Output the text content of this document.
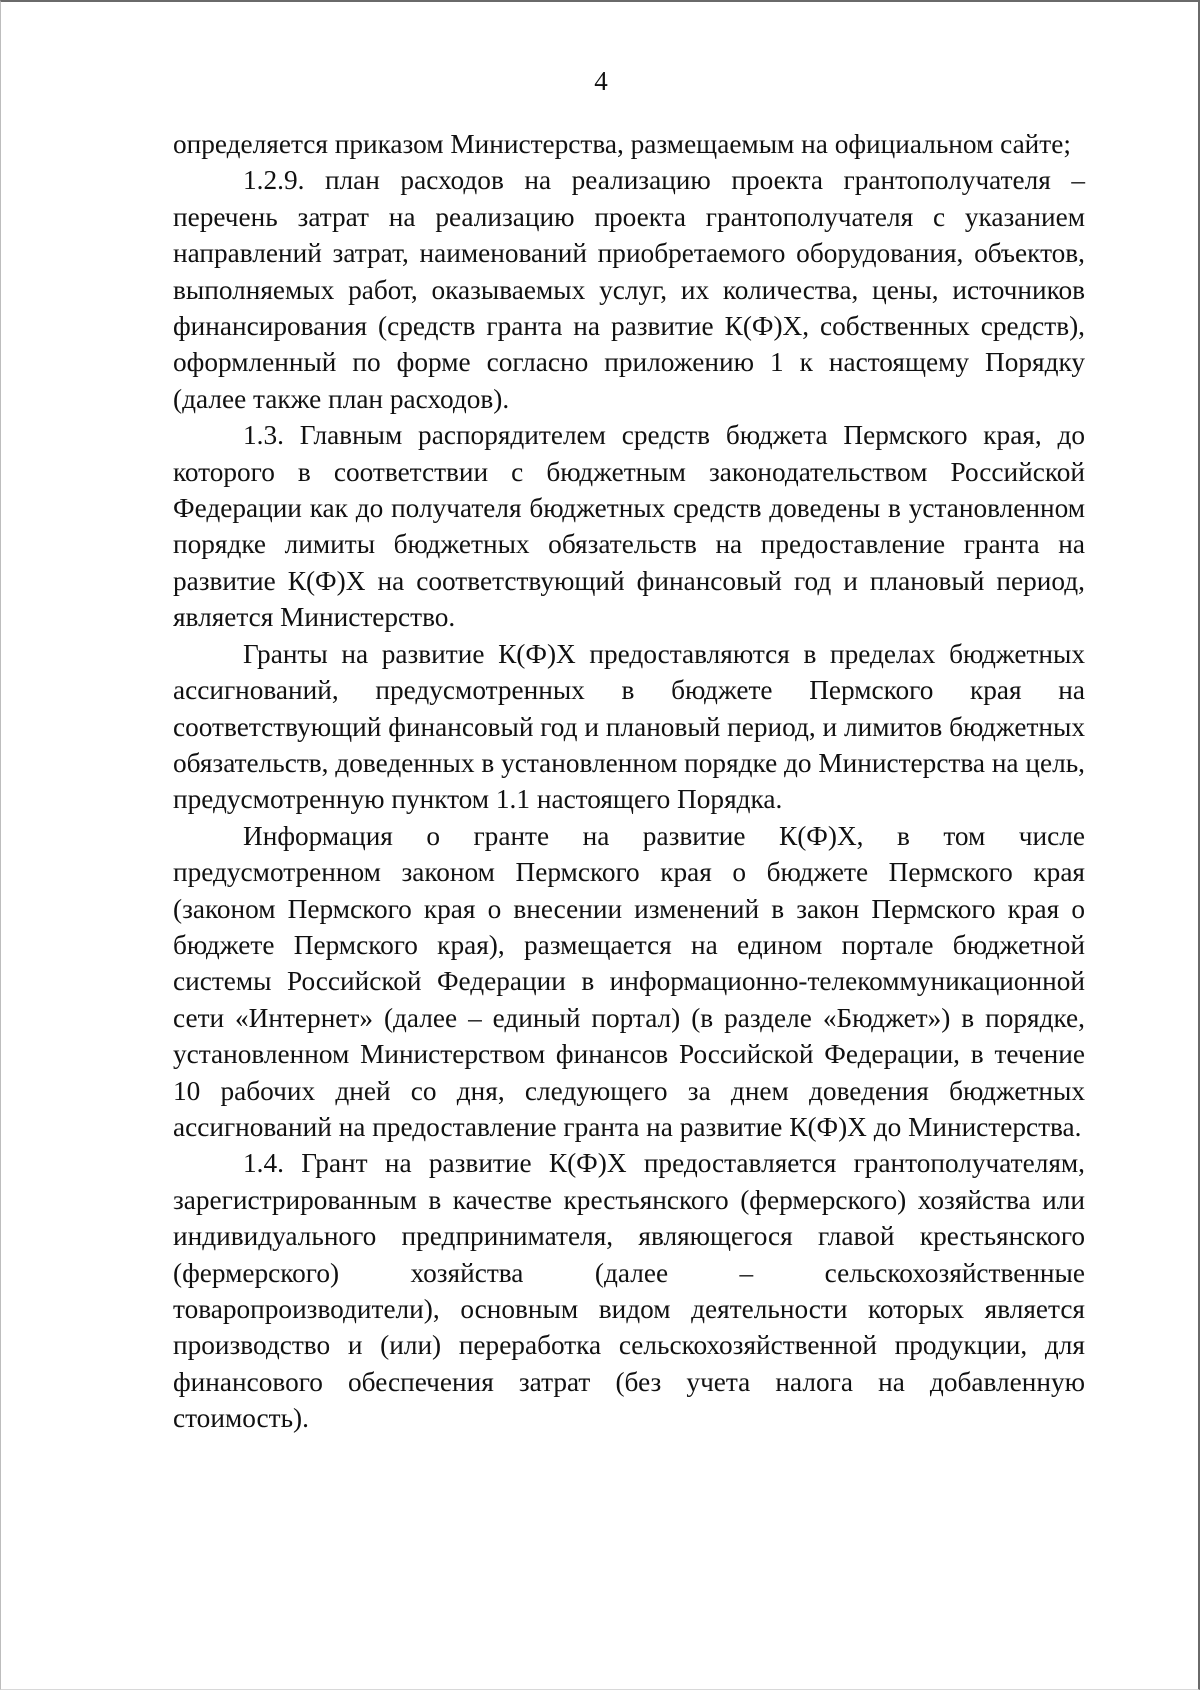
4

определяется приказом Министерства, размещаемым на официальном сайте;

1.2.9. план расходов на реализацию проекта грантополучателя – перечень затрат на реализацию проекта грантополучателя с указанием направлений затрат, наименований приобретаемого оборудования, объектов, выполняемых работ, оказываемых услуг, их количества, цены, источников финансирования (средств гранта на развитие К(Ф)Х, собственных средств), оформленный по форме согласно приложению 1 к настоящему Порядку (далее также план расходов).

1.3. Главным распорядителем средств бюджета Пермского края, до которого в соответствии с бюджетным законодательством Российской Федерации как до получателя бюджетных средств доведены в установленном порядке лимиты бюджетных обязательств на предоставление гранта на развитие К(Ф)Х на соответствующий финансовый год и плановый период, является Министерство.

Гранты на развитие К(Ф)Х предоставляются в пределах бюджетных ассигнований, предусмотренных в бюджете Пермского края на соответствующий финансовый год и плановый период, и лимитов бюджетных обязательств, доведенных в установленном порядке до Министерства на цель, предусмотренную пунктом 1.1 настоящего Порядка.

Информация о гранте на развитие К(Ф)Х, в том числе предусмотренном законом Пермского края о бюджете Пермского края (законом Пермского края о внесении изменений в закон Пермского края о бюджете Пермского края), размещается на едином портале бюджетной системы Российской Федерации в информационно-телекоммуникационной сети «Интернет» (далее – единый портал) (в разделе «Бюджет») в порядке, установленном Министерством финансов Российской Федерации, в течение 10 рабочих дней со дня, следующего за днем доведения бюджетных ассигнований на предоставление гранта на развитие К(Ф)Х до Министерства.

1.4. Грант на развитие К(Ф)Х предоставляется грантополучателям, зарегистрированным в качестве крестьянского (фермерского) хозяйства или индивидуального предпринимателя, являющегося главой крестьянского (фермерского) хозяйства (далее – сельскохозяйственные товаропроизводители), основным видом деятельности которых является производство и (или) переработка сельскохозяйственной продукции, для финансового обеспечения затрат (без учета налога на добавленную стоимость).
